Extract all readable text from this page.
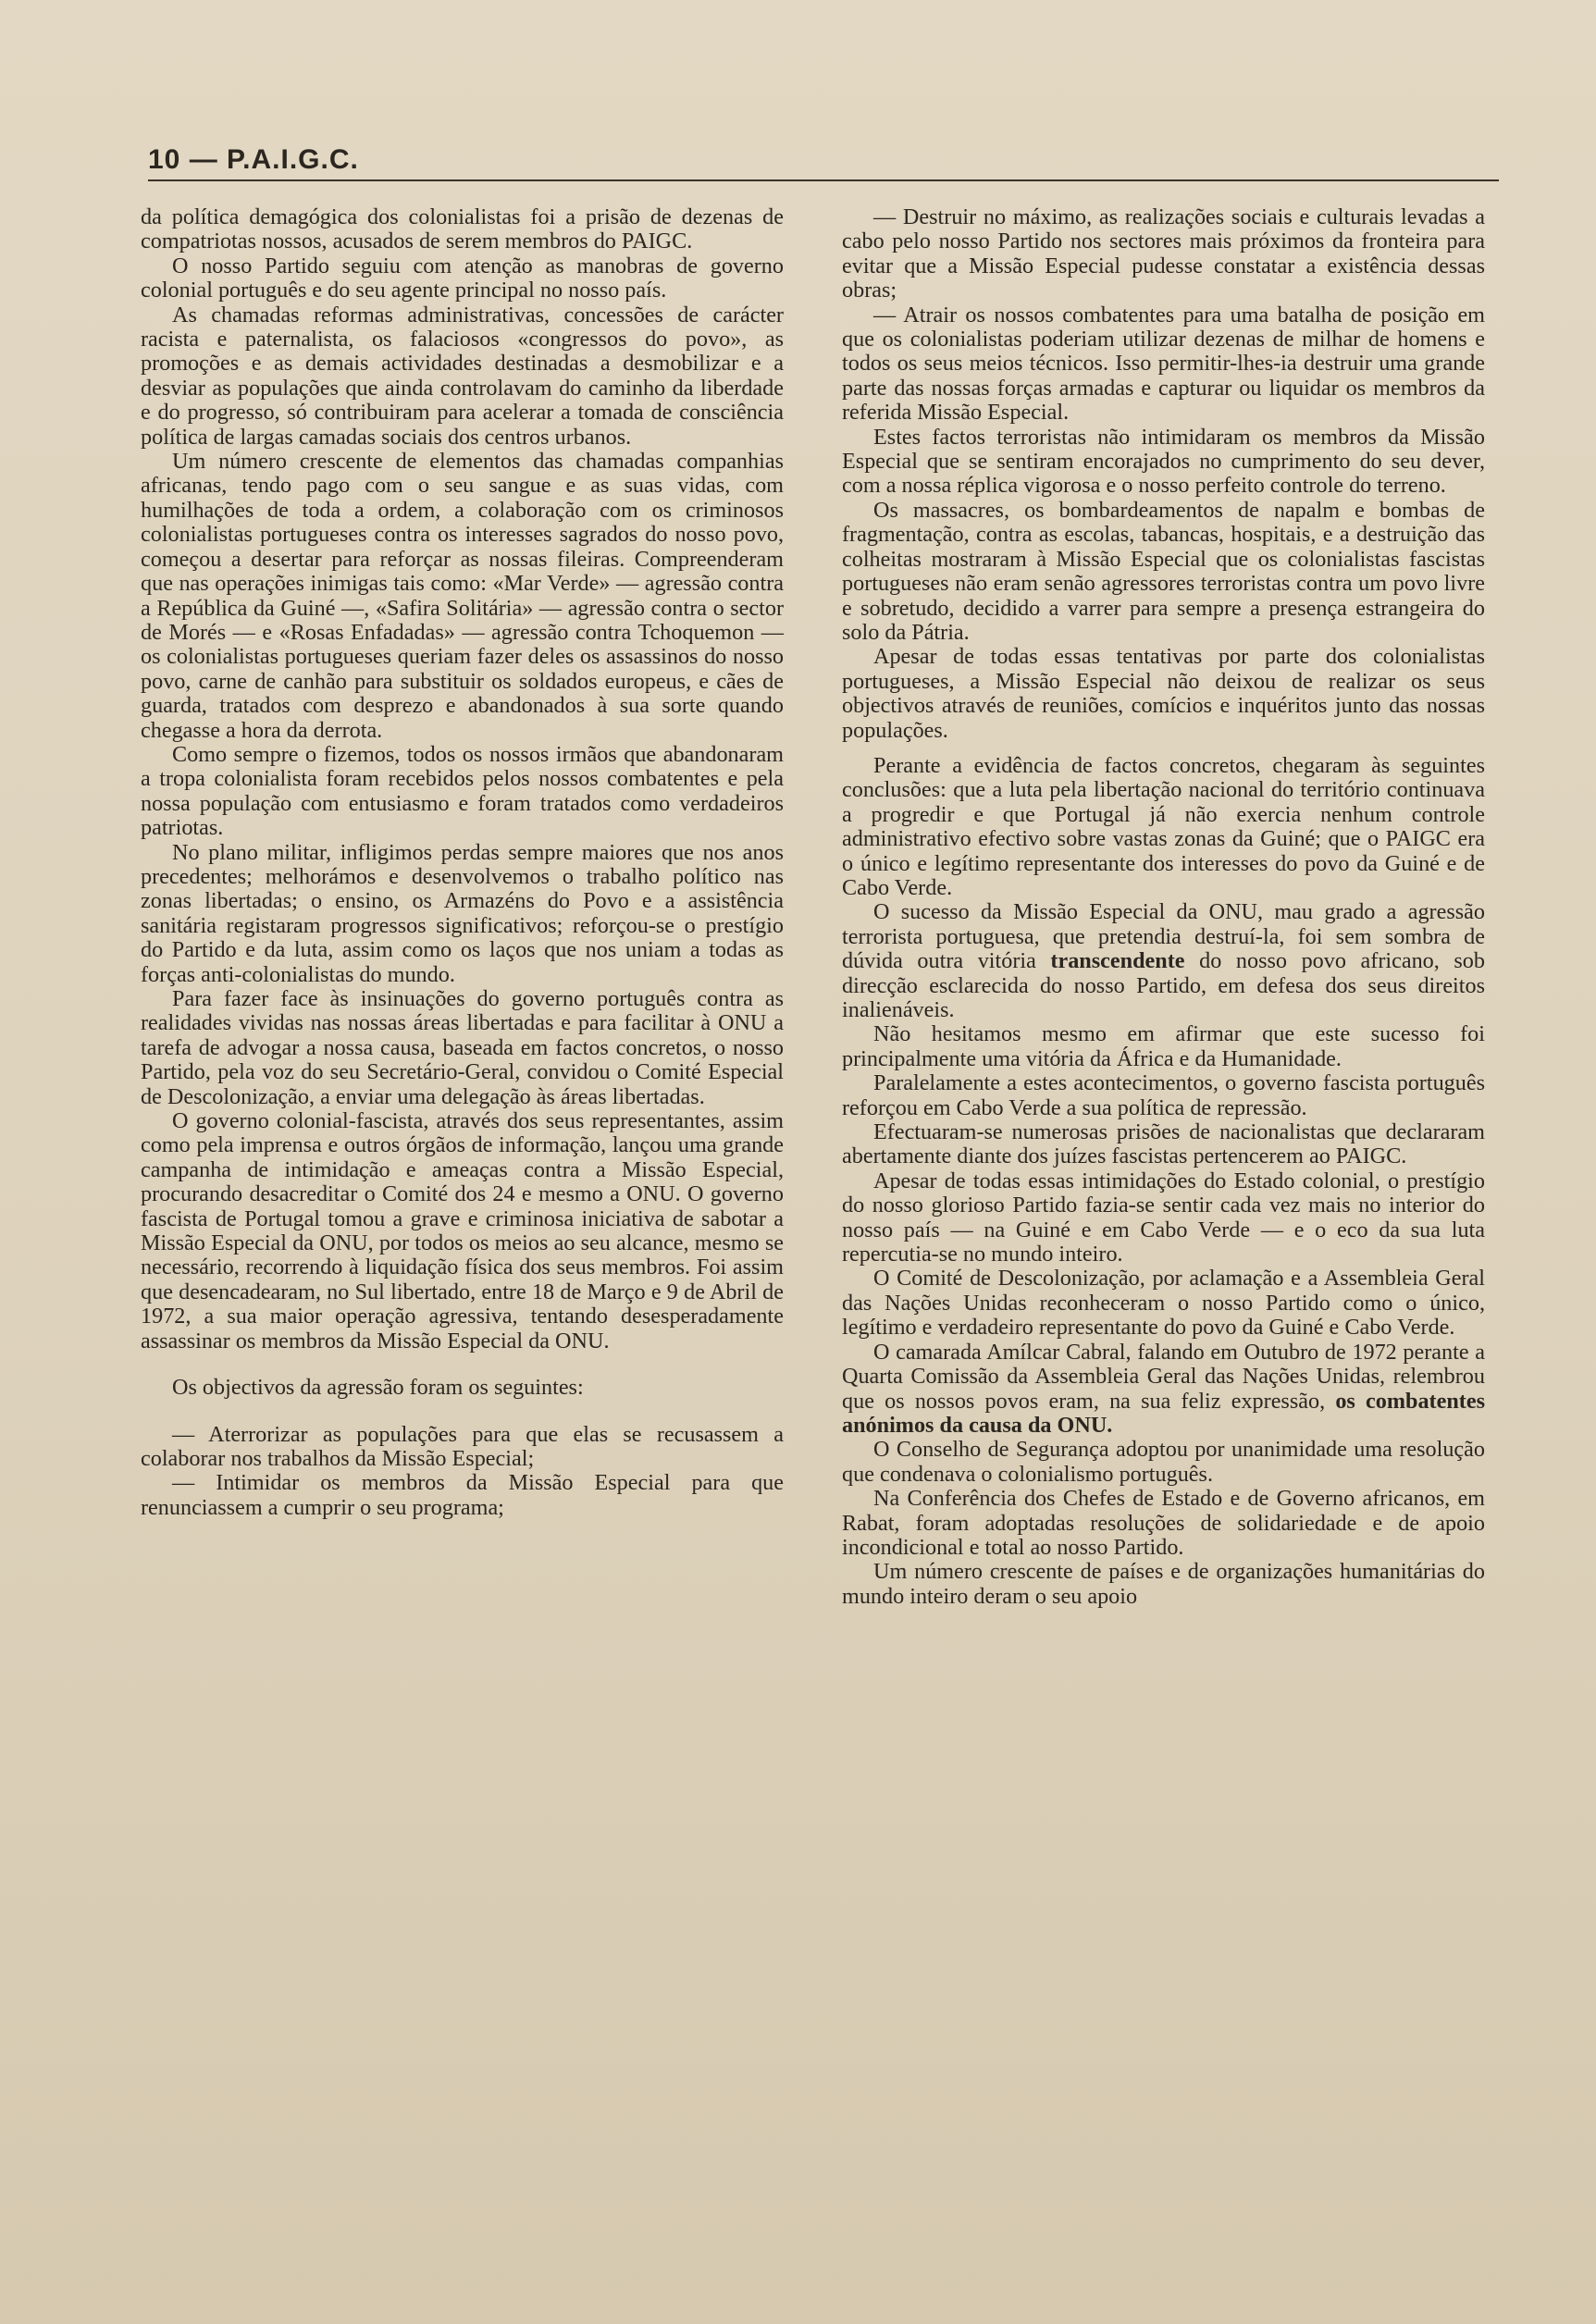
10 — P.A.I.G.C.

da política demagógica dos colonialistas foi a prisão de dezenas de compatriotas nossos, acusados de serem membros do PAIGC.

O nosso Partido seguiu com atenção as manobras de governo colonial português e do seu agente principal no nosso país.

As chamadas reformas administrativas, concessões de carácter racista e paternalista, os falaciosos «congressos do povo», as promoções e as demais actividades destinadas a desmobilizar e a desviar as populações que ainda controlavam do caminho da liberdade e do progresso, só contribuiram para acelerar a tomada de consciência política de largas camadas sociais dos centros urbanos.

Um número crescente de elementos das chamadas companhias africanas, tendo pago com o seu sangue e as suas vidas, com humilhações de toda a ordem, a colaboração com os criminosos colonialistas portugueses contra os interesses sagrados do nosso povo, começou a desertar para reforçar as nossas fileiras. Compreenderam que nas operações inimigas tais como: «Mar Verde» — agressão contra a República da Guiné —, «Safira Solitária» — agressão contra o sector de Morés — e «Rosas Enfadadas» — agressão contra Tchoquemon — os colonialistas portugueses queriam fazer deles os assassinos do nosso povo, carne de canhão para substituir os soldados europeus, e cães de guarda, tratados com desprezo e abandonados à sua sorte quando chegasse a hora da derrota.

Como sempre o fizemos, todos os nossos irmãos que abandonaram a tropa colonialista foram recebidos pelos nossos combatentes e pela nossa população com entusiasmo e foram tratados como verdadeiros patriotas.

No plano militar, infligimos perdas sempre maiores que nos anos precedentes; melhorámos e desenvolvemos o trabalho político nas zonas libertadas; o ensino, os Armazéns do Povo e a assistência sanitária registaram progressos significativos; reforçou-se o prestígio do Partido e da luta, assim como os laços que nos uniam a todas as forças anti-colonialistas do mundo.

Para fazer face às insinuações do governo português contra as realidades vividas nas nossas áreas libertadas e para facilitar à ONU a tarefa de advogar a nossa causa, baseada em factos concretos, o nosso Partido, pela voz do seu Secretário-Geral, convidou o Comité Especial de Descolonização, a enviar uma delegação às áreas libertadas.

O governo colonial-fascista, através dos seus representantes, assim como pela imprensa e outros órgãos de informação, lançou uma grande campanha de intimidação e ameaças contra a Missão Especial, procurando desacreditar o Comité dos 24 e mesmo a ONU. O governo fascista de Portugal tomou a grave e criminosa iniciativa de sabotar a Missão Especial da ONU, por todos os meios ao seu alcance, mesmo se necessário, recorrendo à liquidação física dos seus membros. Foi assim que desencadearam, no Sul libertado, entre 18 de Março e 9 de Abril de 1972, a sua maior operação agressiva, tentando desesperadamente assassinar os membros da Missão Especial da ONU.

Os objectivos da agressão foram os seguintes:

— Aterrorizar as populações para que elas se recusassem a colaborar nos trabalhos da Missão Especial;

— Intimidar os membros da Missão Especial para que renunciassem a cumprir o seu programa;

— Destruir no máximo, as realizações sociais e culturais levadas a cabo pelo nosso Partido nos sectores mais próximos da fronteira para evitar que a Missão Especial pudesse constatar a existência dessas obras;

— Atrair os nossos combatentes para uma batalha de posição em que os colonialistas poderiam utilizar dezenas de milhar de homens e todos os seus meios técnicos. Isso permitir-lhes-ia destruir uma grande parte das nossas forças armadas e capturar ou liquidar os membros da referida Missão Especial.

Estes factos terroristas não intimidaram os membros da Missão Especial que se sentiram encorajados no cumprimento do seu dever, com a nossa réplica vigorosa e o nosso perfeito controle do terreno.

Os massacres, os bombardeamentos de napalm e bombas de fragmentação, contra as escolas, tabancas, hospitais, e a destruição das colheitas mostraram à Missão Especial que os colonialistas fascistas portugueses não eram senão agressores terroristas contra um povo livre e sobretudo, decidido a varrer para sempre a presença estrangeira do solo da Pátria.

Apesar de todas essas tentativas por parte dos colonialistas portugueses, a Missão Especial não deixou de realizar os seus objectivos através de reuniões, comícios e inquéritos junto das nossas populações.

Perante a evidência de factos concretos, chegaram às seguintes conclusões: que a luta pela libertação nacional do território continuava a progredir e que Portugal já não exercia nenhum controle administrativo efectivo sobre vastas zonas da Guiné; que o PAIGC era o único e legítimo representante dos interesses do povo da Guiné e de Cabo Verde.

O sucesso da Missão Especial da ONU, mau grado a agressão terrorista portuguesa, que pretendia destruí-la, foi sem sombra de dúvida outra vitória transcendente do nosso povo africano, sob direcção esclarecida do nosso Partido, em defesa dos seus direitos inalienáveis.

Não hesitamos mesmo em afirmar que este sucesso foi principalmente uma vitória da África e da Humanidade.

Paralelamente a estes acontecimentos, o governo fascista português reforçou em Cabo Verde a sua política de repressão.

Efectuaram-se numerosas prisões de nacionalistas que declararam abertamente diante dos juízes fascistas pertencerem ao PAIGC.

Apesar de todas essas intimidações do Estado colonial, o prestígio do nosso glorioso Partido fazia-se sentir cada vez mais no interior do nosso país — na Guiné e em Cabo Verde — e o eco da sua luta repercutia-se no mundo inteiro.

O Comité de Descolonização, por aclamação e a Assembleia Geral das Nações Unidas reconheceram o nosso Partido como o único, legítimo e verdadeiro representante do povo da Guiné e Cabo Verde.

O camarada Amílcar Cabral, falando em Outubro de 1972 perante a Quarta Comissão da Assembleia Geral das Nações Unidas, relembrou que os nossos povos eram, na sua feliz expressão, os combatentes anónimos da causa da ONU.

O Conselho de Segurança adoptou por unanimidade uma resolução que condenava o colonialismo português.

Na Conferência dos Chefes de Estado e de Governo africanos, em Rabat, foram adoptadas resoluções de solidariedade e de apoio incondicional e total ao nosso Partido.

Um número crescente de países e de organizações humanitárias do mundo inteiro deram o seu apoio
